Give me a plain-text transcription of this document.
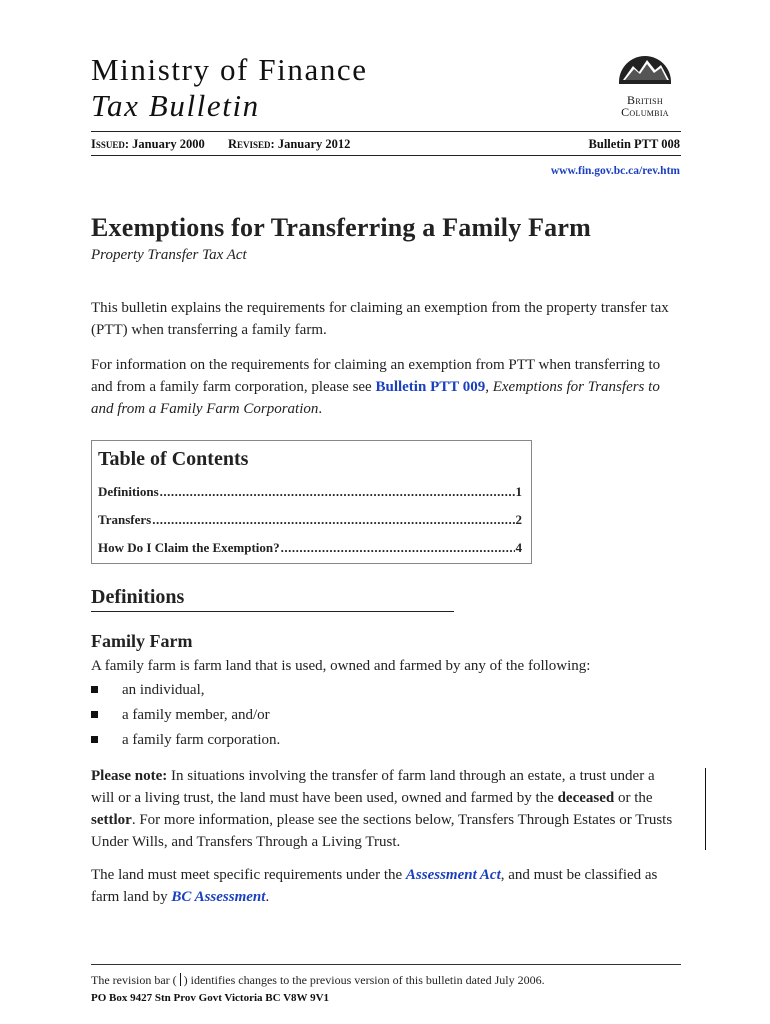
Ministry of Finance
Tax Bulletin	British
Columbia
Issued: January 2000 Revised: January 2012	Bulletin PTT 008
www.fin.gov.bc.ca/rev.htm
Exemptions for Transferring a Family Farm
Property Transfer Tax Act
This bulletin explains the requirements for claiming an exemption from the property transfer tax (PTT) when transferring a family farm.
For information on the requirements for claiming an exemption from PTT when transferring to and from a family farm corporation, please see Bulletin PTT 009, Exemptions for Transfers to and from a Family Farm Corporation.
Table of Contents
Definitions .....	1
Transfers .....	2
How Do I Claim the Exemption? .....	4
Definitions
Family Farm
A family farm is farm land that is used, owned and farmed by any of the following:
an individual,
a family member, and/or
a family farm corporation.
Please note: In situations involving the transfer of farm land through an estate, a trust under a will or a living trust, the land must have been used, owned and farmed by the deceased or the settlor. For more information, please see the sections below, Transfers Through Estates or Trusts Under Wills, and Transfers Through a Living Trust.
The land must meet specific requirements under the Assessment Act, and must be classified as farm land by BC Assessment.
The revision bar (  ) identifies changes to the previous version of this bulletin dated July 2006.
PO Box 9427 Stn Prov Govt Victoria BC V8W 9V1
